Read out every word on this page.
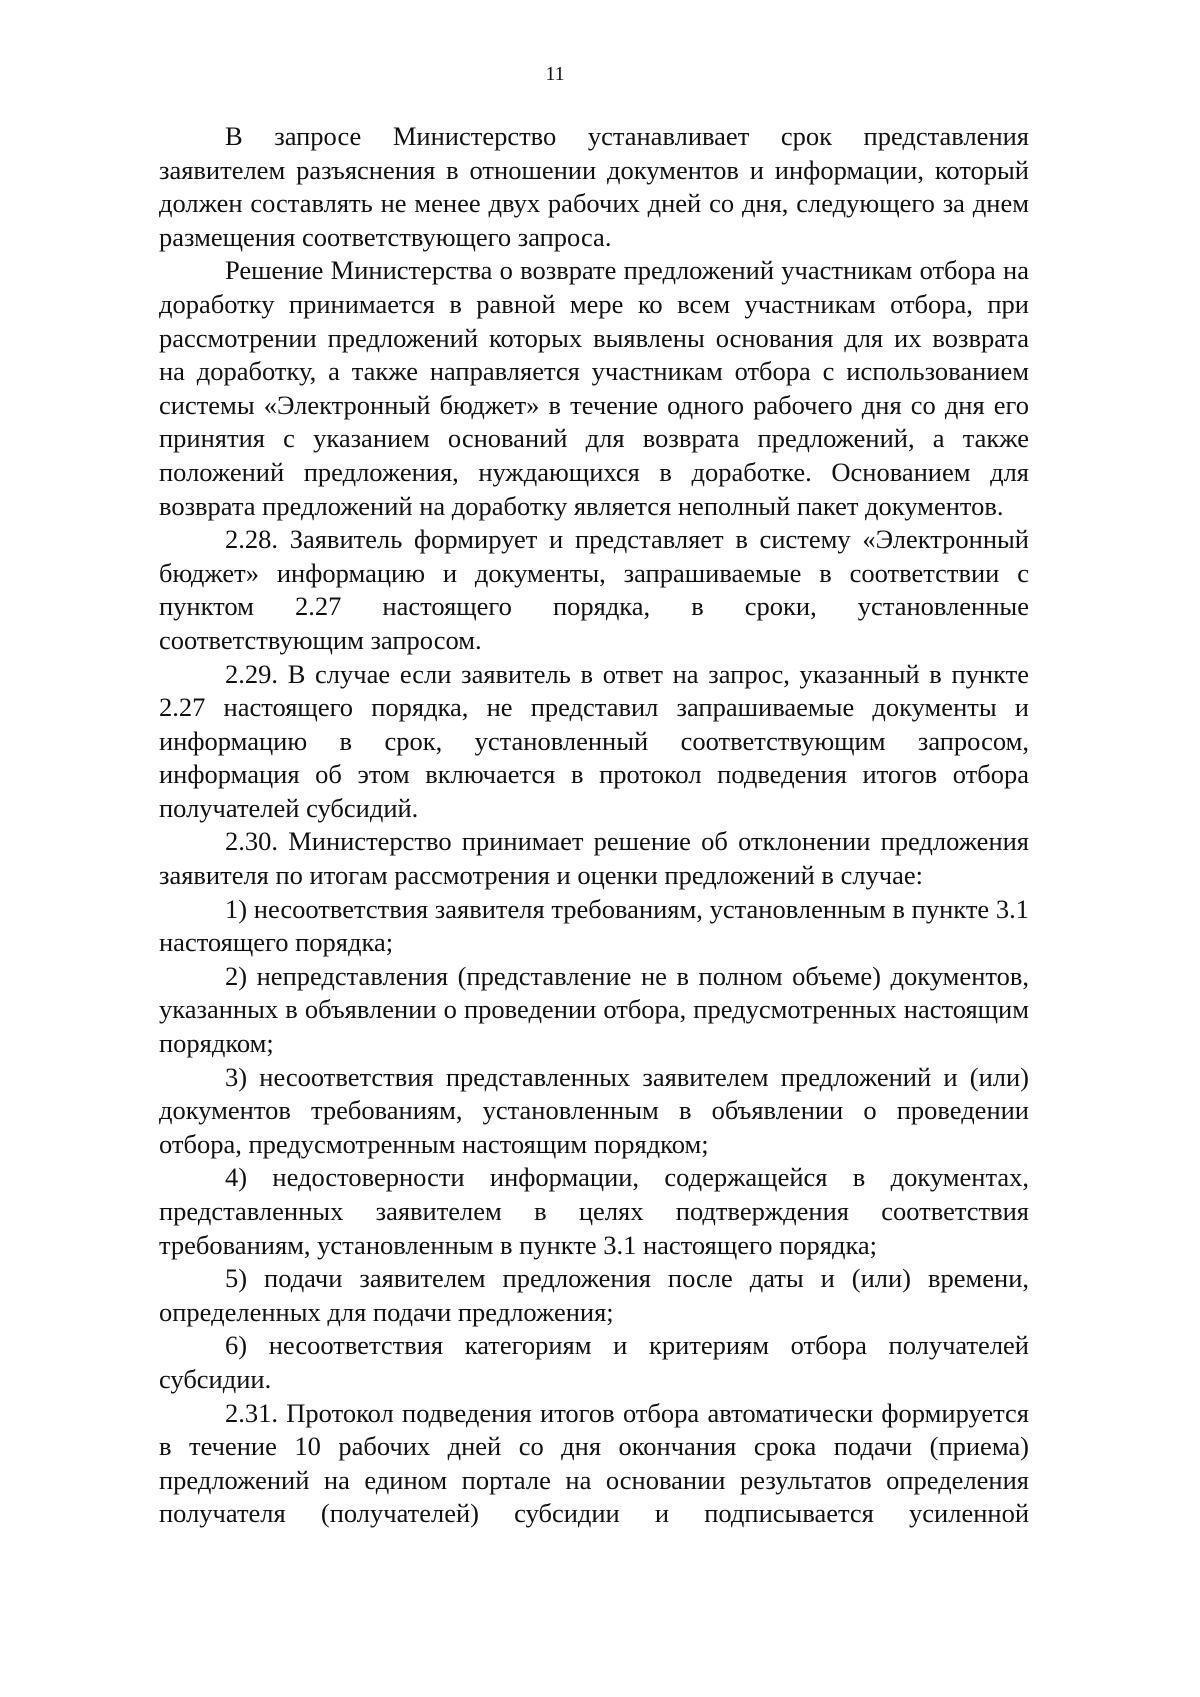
11

В запросе Министерство устанавливает срок представления заявителем разъяснения в отношении документов и информации, который должен составлять не менее двух рабочих дней со дня, следующего за днем размещения соответствующего запроса.

Решение Министерства о возврате предложений участникам отбора на доработку принимается в равной мере ко всем участникам отбора, при рассмотрении предложений которых выявлены основания для их возврата на доработку, а также направляется участникам отбора с использованием системы «Электронный бюджет» в течение одного рабочего дня со дня его принятия с указанием оснований для возврата предложений, а также положений предложения, нуждающихся в доработке. Основанием для возврата предложений на доработку является неполный пакет документов.

2.28. Заявитель формирует и представляет в систему «Электронный бюджет» информацию и документы, запрашиваемые в соответствии с пунктом 2.27 настоящего порядка, в сроки, установленные соответствующим запросом.

2.29. В случае если заявитель в ответ на запрос, указанный в пункте 2.27 настоящего порядка, не представил запрашиваемые документы и информацию в срок, установленный соответствующим запросом, информация об этом включается в протокол подведения итогов отбора получателей субсидий.

2.30. Министерство принимает решение об отклонении предложения заявителя по итогам рассмотрения и оценки предложений в случае:

1) несоответствия заявителя требованиям, установленным в пункте 3.1 настоящего порядка;

2) непредставления (представление не в полном объеме) документов, указанных в объявлении о проведении отбора, предусмотренных настоящим порядком;

3) несоответствия представленных заявителем предложений и (или) документов требованиям, установленным в объявлении о проведении отбора, предусмотренным настоящим порядком;

4) недостоверности информации, содержащейся в документах, представленных заявителем в целях подтверждения соответствия требованиям, установленным в пункте 3.1 настоящего порядка;

5) подачи заявителем предложения после даты и (или) времени, определенных для подачи предложения;

6) несоответствия категориям и критериям отбора получателей субсидии.

2.31. Протокол подведения итогов отбора автоматически формируется в течение 10 рабочих дней со дня окончания срока подачи (приема) предложений на едином портале на основании результатов определения получателя (получателей) субсидии и подписывается усиленной
